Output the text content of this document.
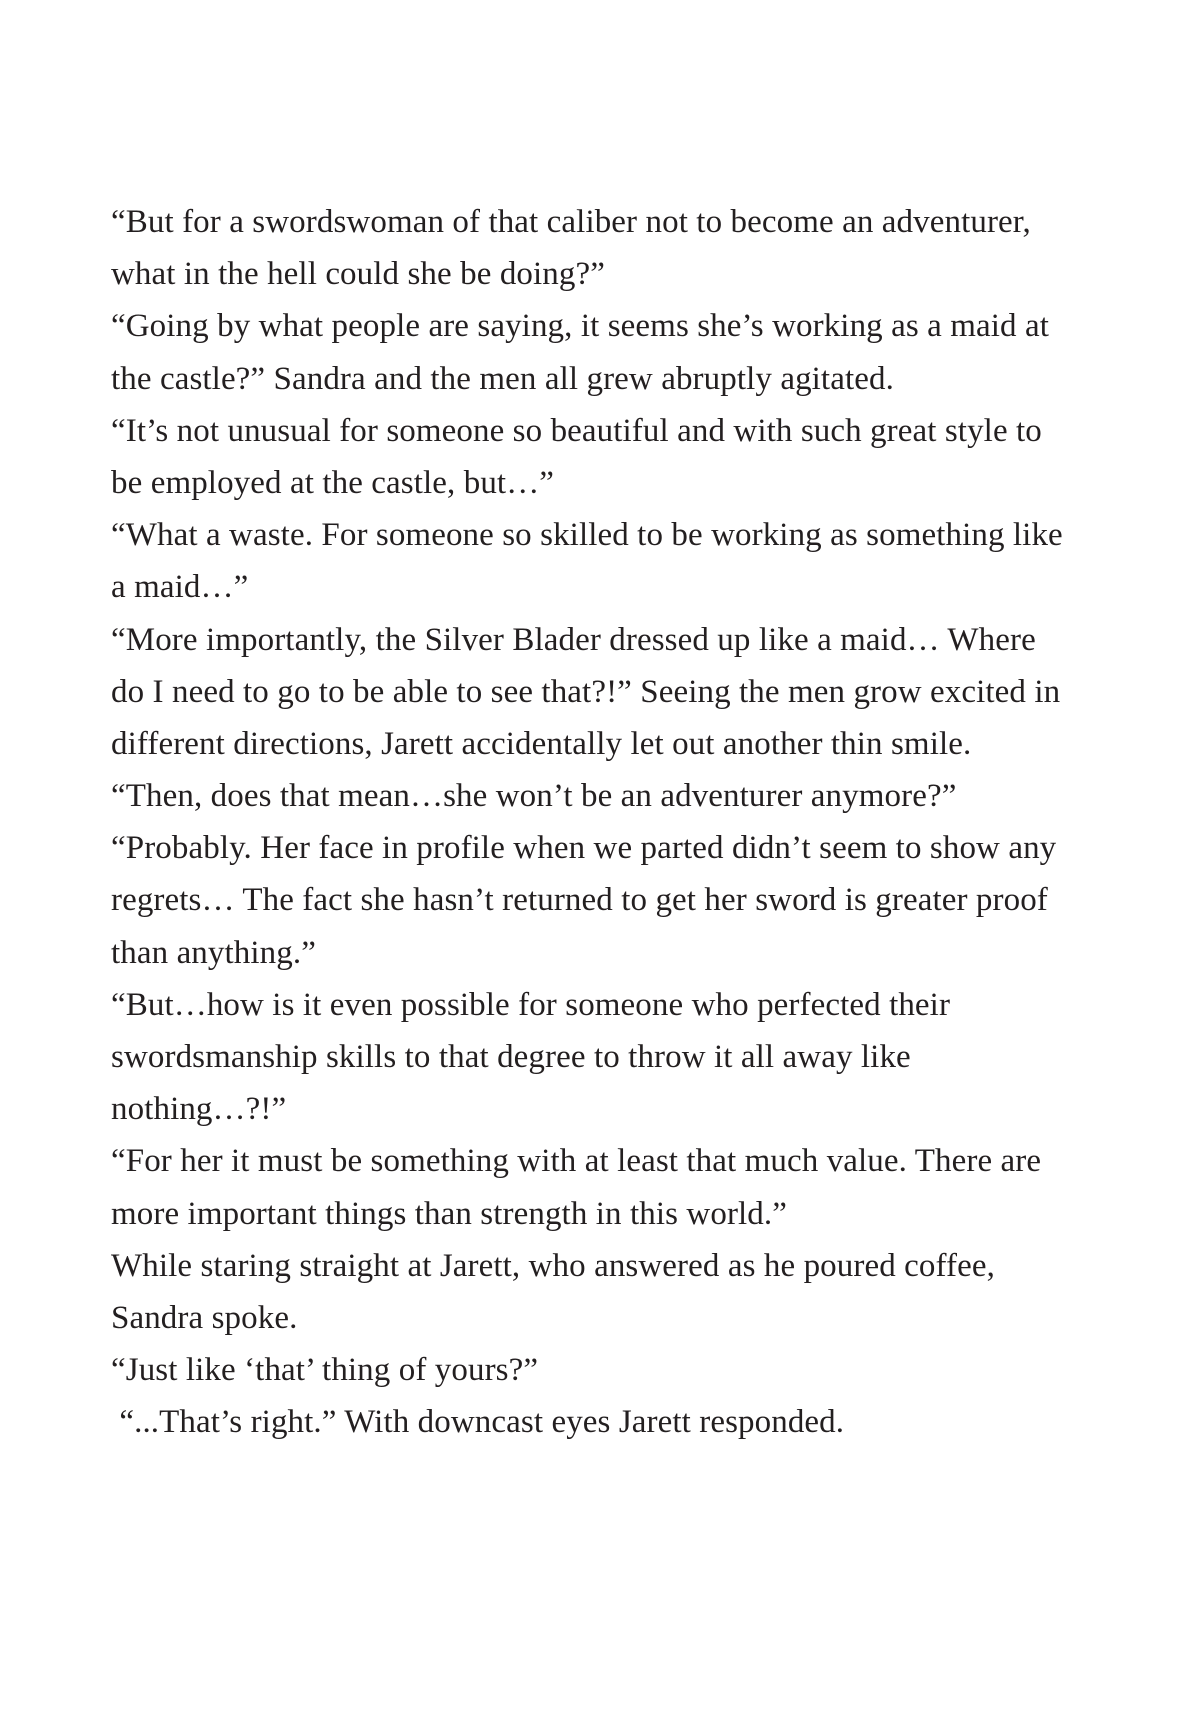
“But for a swordswoman of that caliber not to become an adventurer,
what in the hell could she be doing?”
“Going by what people are saying, it seems she’s working as a maid at
the castle?” Sandra and the men all grew abruptly agitated.
“It’s not unusual for someone so beautiful and with such great style to
be employed at the castle, but…”
“What a waste. For someone so skilled to be working as something like
a maid…”
“More importantly, the Silver Blader dressed up like a maid… Where
do I need to go to be able to see that?!” Seeing the men grow excited in
different directions, Jarett accidentally let out another thin smile.
“Then, does that mean…she won’t be an adventurer anymore?”
“Probably. Her face in profile when we parted didn’t seem to show any
regrets… The fact she hasn’t returned to get her sword is greater proof
than anything.”
“But…how is it even possible for someone who perfected their
swordsmanship skills to that degree to throw it all away like
nothing…?!”
“For her it must be something with at least that much value. There are
more important things than strength in this world.”
While staring straight at Jarett, who answered as he poured coffee,
Sandra spoke.
“Just like ‘that’ thing of yours?”
“...That’s right.” With downcast eyes Jarett responded.
